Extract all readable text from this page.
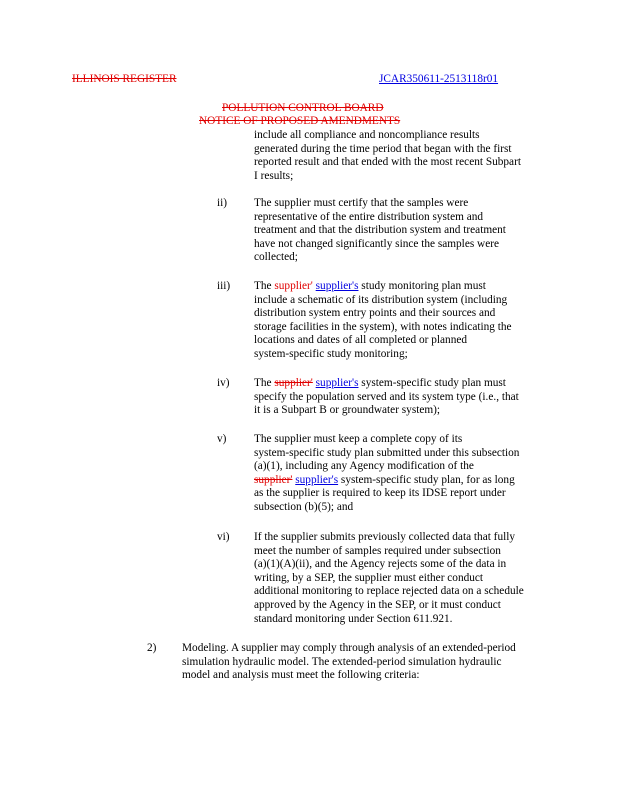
ILLINOIS REGISTER	JCAR350611-2513118r01
POLLUTION CONTROL BOARD
NOTICE OF PROPOSED AMENDMENTS
include all compliance and noncompliance results
generated during the time period that began with the first
reported result and that ended with the most recent Subpart
I results;
ii) The supplier must certify that the samples were
representative of the entire distribution system and
treatment and that the distribution system and treatment
have not changed significantly since the samples were
collected;
iii) The supplier' supplier's study monitoring plan must
include a schematic of its distribution system (including
distribution system entry points and their sources and
storage facilities in the system), with notes indicating the
locations and dates of all completed or planned
system-specific study monitoring;
iv) The supplier' supplier's system-specific study plan must
specify the population served and its system type (i.e., that
it is a Subpart B or groundwater system);
v) The supplier must keep a complete copy of its
system-specific study plan submitted under this subsection
(a)(1), including any Agency modification of the
supplier' supplier's system-specific study plan, for as long
as the supplier is required to keep its IDSE report under
subsection (b)(5); and
vi) If the supplier submits previously collected data that fully
meet the number of samples required under subsection
(a)(1)(A)(ii), and the Agency rejects some of the data in
writing, by a SEP, the supplier must either conduct
additional monitoring to replace rejected data on a schedule
approved by the Agency in the SEP, or it must conduct
standard monitoring under Section 611.921.
2) Modeling. A supplier may comply through analysis of an extended-period
simulation hydraulic model. The extended-period simulation hydraulic
model and analysis must meet the following criteria:
